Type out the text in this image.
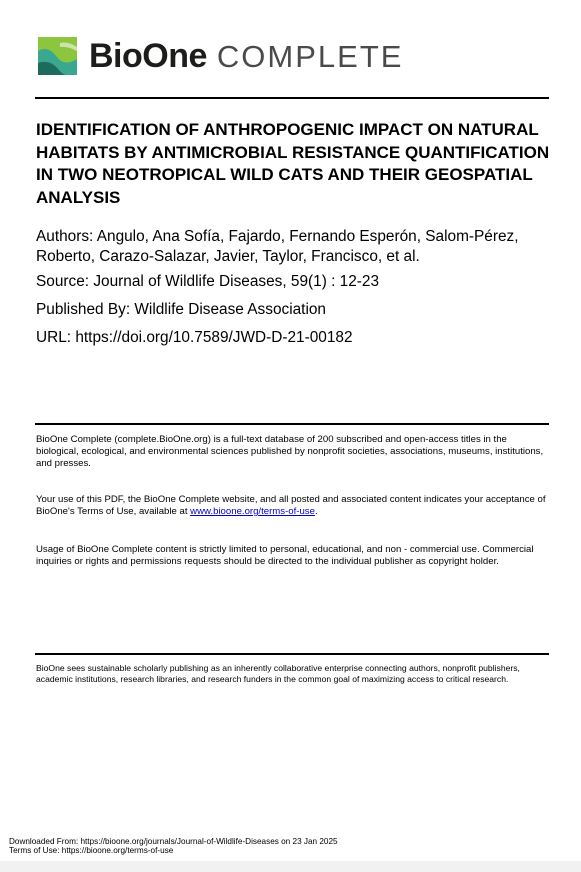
BioOne COMPLETE
IDENTIFICATION OF ANTHROPOGENIC IMPACT ON NATURAL HABITATS BY ANTIMICROBIAL RESISTANCE QUANTIFICATION IN TWO NEOTROPICAL WILD CATS AND THEIR GEOSPATIAL ANALYSIS

Authors: Angulo, Ana Sofía, Fajardo, Fernando Esperón, Salom-Pérez, Roberto, Carazo-Salazar, Javier, Taylor, Francisco, et al.

Source: Journal of Wildlife Diseases, 59(1) : 12-23

Published By: Wildlife Disease Association

URL: https://doi.org/10.7589/JWD-D-21-00182

BioOne Complete (complete.BioOne.org) is a full-text database of 200 subscribed and open-access titles in the biological, ecological, and environmental sciences published by nonprofit societies, associations, museums, institutions, and presses.

Your use of this PDF, the BioOne Complete website, and all posted and associated content indicates your acceptance of BioOne's Terms of Use, available at www.bioone.org/terms-of-use.

Usage of BioOne Complete content is strictly limited to personal, educational, and non - commercial use. Commercial inquiries or rights and permissions requests should be directed to the individual publisher as copyright holder.

BioOne sees sustainable scholarly publishing as an inherently collaborative enterprise connecting authors, nonprofit publishers, academic institutions, research libraries, and research funders in the common goal of maximizing access to critical research.

Downloaded From: https://bioone.org/journals/Journal-of-Wildlife-Diseases on 23 Jan 2025

Terms of Use: https://bioone.org/terms-of-use
